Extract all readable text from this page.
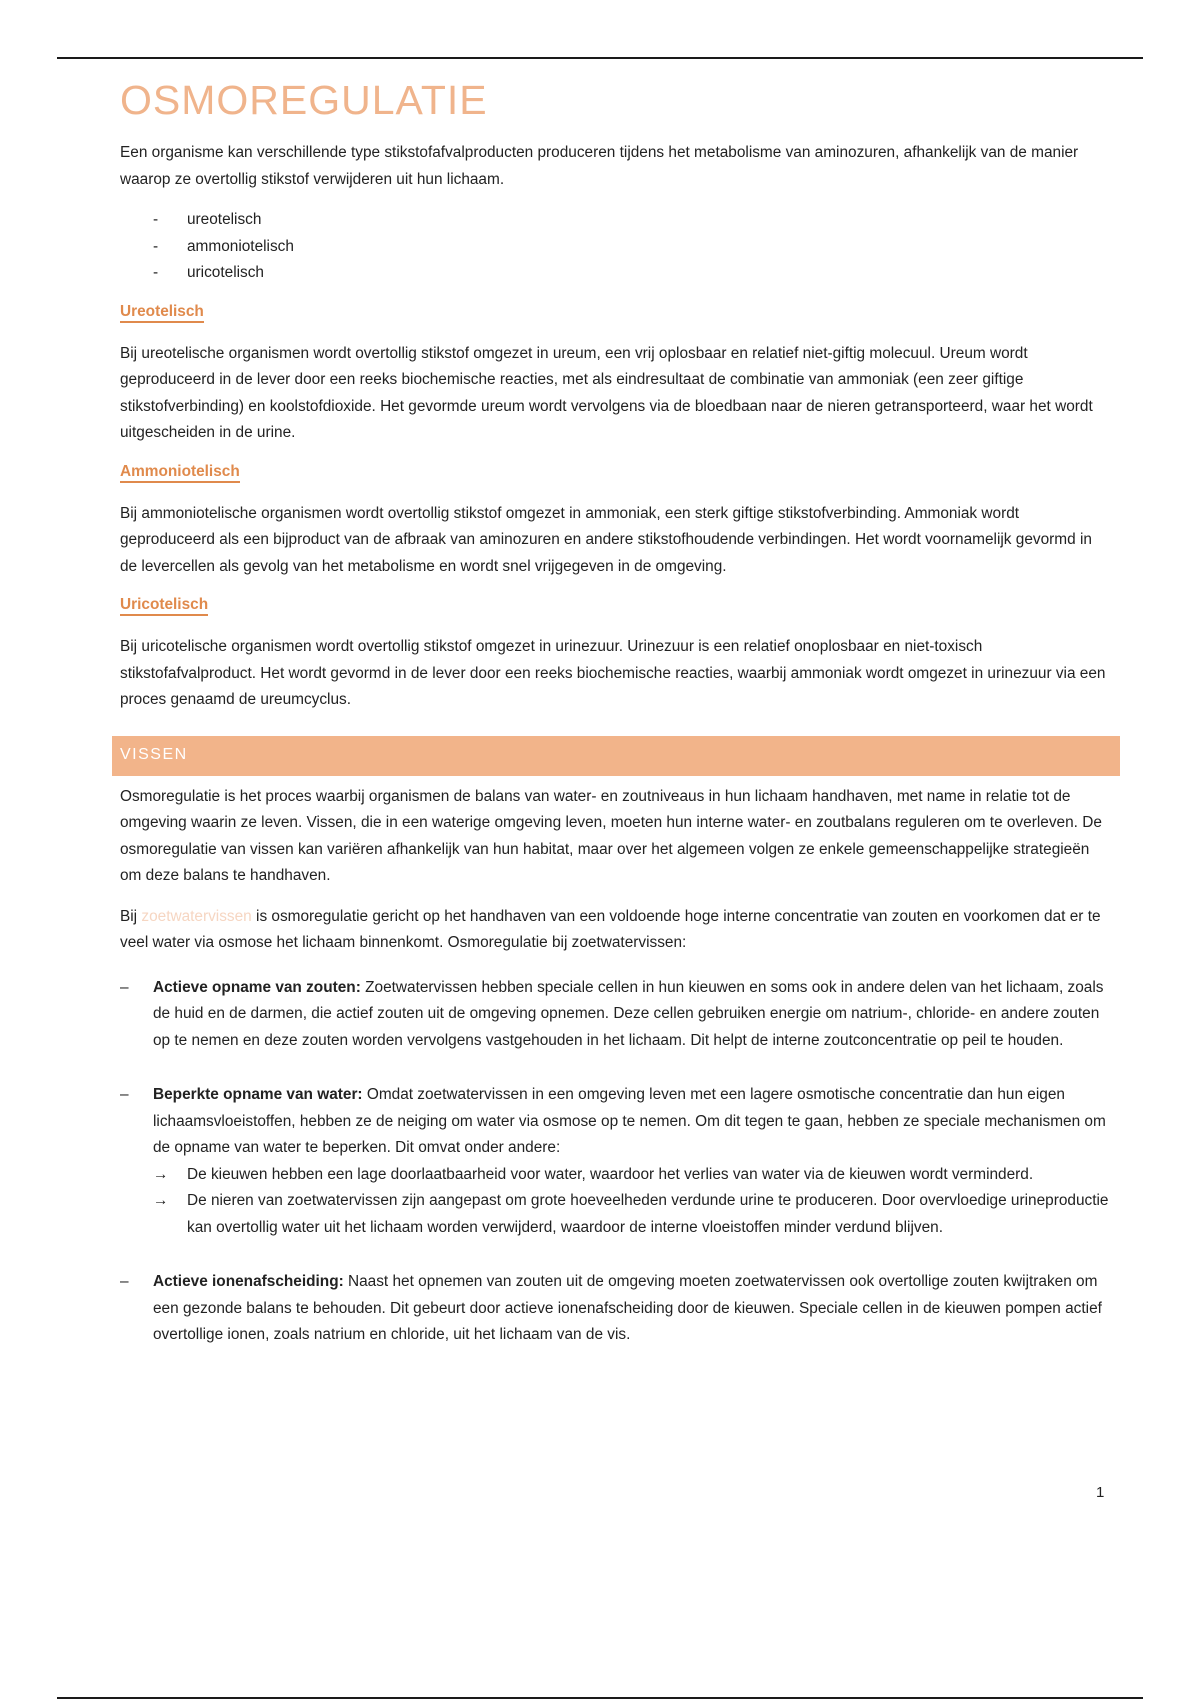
OSMOREGULATIE

Een organisme kan verschillende type stikstofafvalproducten produceren tijdens het metabolisme van aminozuren, afhankelijk van de manier waarop ze overtollig stikstof verwijderen uit hun lichaam.

- ureotelisch
- ammoniotelisch
- uricotelisch
Ureotelisch

Bij ureotelische organismen wordt overtollig stikstof omgezet in ureum, een vrij oplosbaar en relatief niet-giftig molecuul. Ureum wordt geproduceerd in de lever door een reeks biochemische reacties, met als eindresultaat de combinatie van ammoniak (een zeer giftige stikstofverbinding) en koolstofdioxide. Het gevormde ureum wordt vervolgens via de bloedbaan naar de nieren getransporteerd, waar het wordt uitgescheiden in de urine.

Ammoniotelisch

Bij ammoniotelische organismen wordt overtollig stikstof omgezet in ammoniak, een sterk giftige stikstofverbinding. Ammoniak wordt geproduceerd als een bijproduct van de afbraak van aminozuren en andere stikstofhoudende verbindingen. Het wordt voornamelijk gevormd in de levercellen als gevolg van het metabolisme en wordt snel vrijgegeven in de omgeving.

Uricotelisch

Bij uricotelische organismen wordt overtollig stikstof omgezet in urinezuur. Urinezuur is een relatief onoplosbaar en niet-toxisch stikstofafvalproduct. Het wordt gevormd in de lever door een reeks biochemische reacties, waarbij ammoniak wordt omgezet in urinezuur via een proces genaamd de ureumcyclus.

VISSEN

Osmoregulatie is het proces waarbij organismen de balans van water- en zoutniveaus in hun lichaam handhaven, met name in relatie tot de omgeving waarin ze leven. Vissen, die in een waterige omgeving leven, moeten hun interne water- en zoutbalans reguleren om te overleven. De osmoregulatie van vissen kan variëren afhankelijk van hun habitat, maar over het algemeen volgen ze enkele gemeenschappelijke strategieën om deze balans te handhaven.

Bij zoetwatervissen is osmoregulatie gericht op het handhaven van een voldoende hoge interne concentratie van zouten en voorkomen dat er te veel water via osmose het lichaam binnenkomt. Osmoregulatie bij zoetwatervissen:

– Actieve opname van zouten: Zoetwatervissen hebben speciale cellen in hun kieuwen en soms ook in andere delen van het lichaam, zoals de huid en de darmen, die actief zouten uit de omgeving opnemen. Deze cellen gebruiken energie om natrium-, chloride- en andere zouten op te nemen en deze zouten worden vervolgens vastgehouden in het lichaam. Dit helpt de interne zoutconcentratie op peil te houden.
– Beperkte opname van water: Omdat zoetwatervissen in een omgeving leven met een lagere osmotische concentratie dan hun eigen lichaamsvloeistoffen, hebben ze de neiging om water via osmose op te nemen. Om dit tegen te gaan, hebben ze speciale mechanismen om de opname van water te beperken. Dit omvat onder andere:
→ De kieuwen hebben een lage doorlaatbaarheid voor water, waardoor het verlies van water via de kieuwen wordt verminderd.
→ De nieren van zoetwatervissen zijn aangepast om grote hoeveelheden verdunde urine te produceren. Door overvloedige urineproductie kan overtollig water uit het lichaam worden verwijderd, waardoor de interne vloeistoffen minder verdund blijven.
– Actieve ionenafscheiding: Naast het opnemen van zouten uit de omgeving moeten zoetwatervissen ook overtollige zouten kwijtraken om een gezonde balans te behouden. Dit gebeurt door actieve ionenafscheiding door de kieuwen. Speciale cellen in de kieuwen pompen actief overtollige ionen, zoals natrium en chloride, uit het lichaam van de vis.
1
